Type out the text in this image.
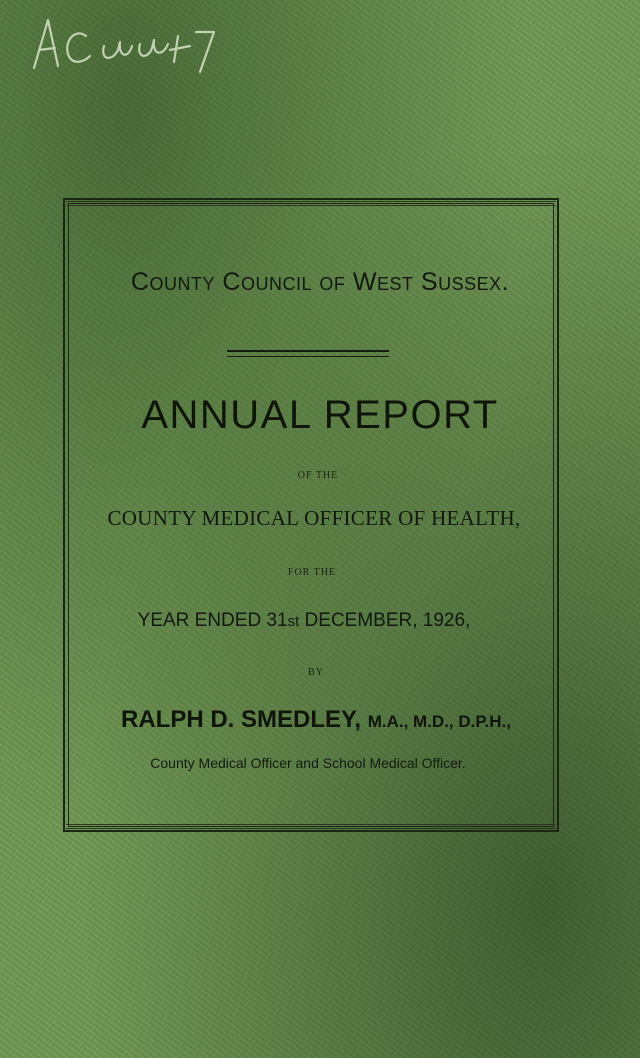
County Council of West Sussex.
ANNUAL REPORT
OF THE
COUNTY MEDICAL OFFICER OF HEALTH,
FOR THE
YEAR ENDED 31st DECEMBER, 1926,
BY
RALPH D. SMEDLEY, M.A., M.D., D.P.H.,
County Medical Officer and School Medical Officer.
